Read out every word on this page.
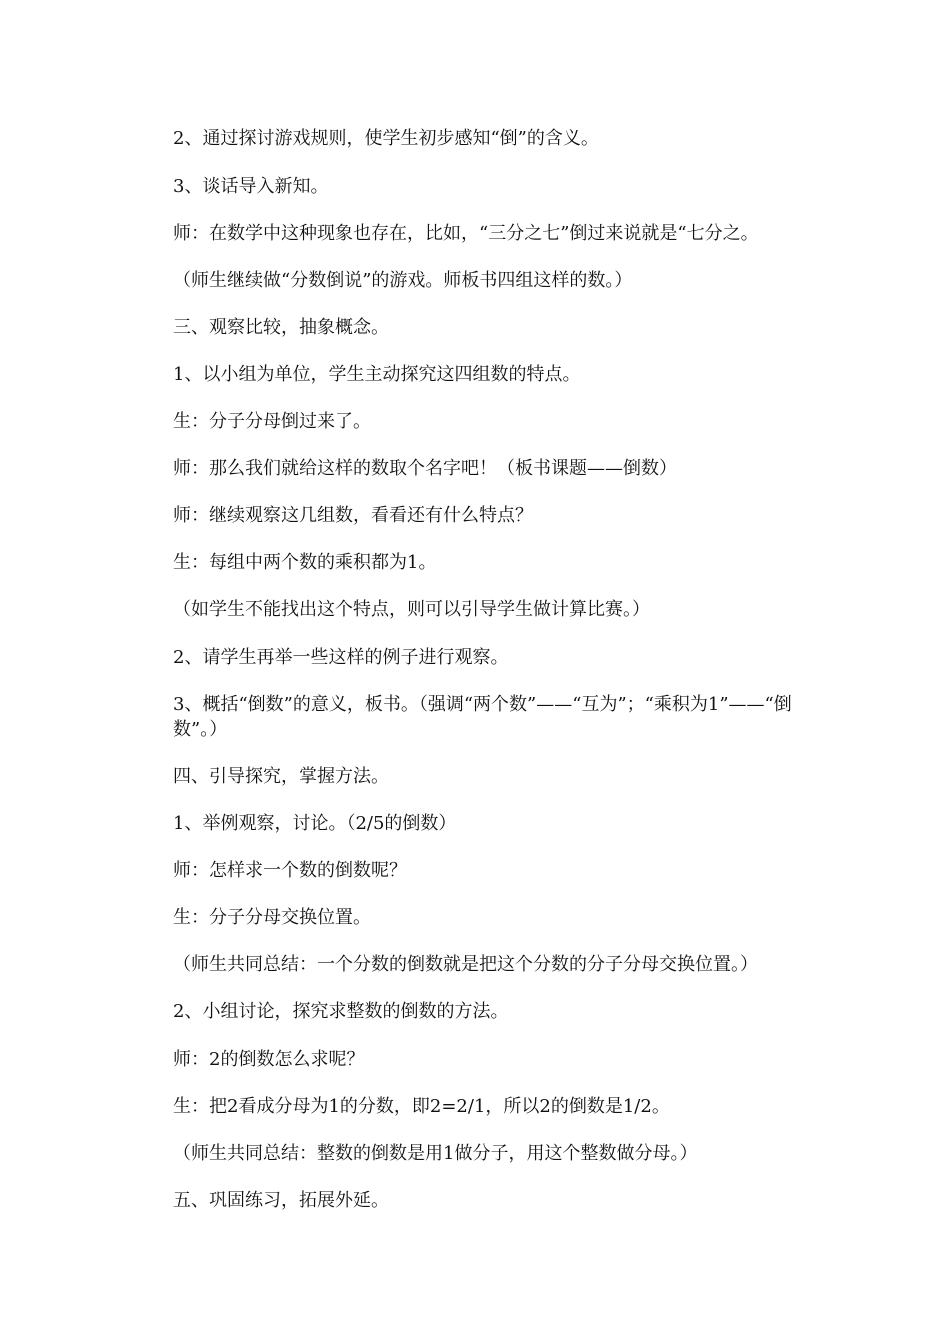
2、通过探讨游戏规则，使学生初步感知“倒”的含义。
3、谈话导入新知。
师：在数学中这种现象也存在，比如，“三分之七”倒过来说就是“七分之。
（师生继续做“分数倒说”的游戏。师板书四组这样的数。）
三、观察比较，抽象概念。
1、以小组为单位，学生主动探究这四组数的特点。
生：分子分母倒过来了。
师：那么我们就给这样的数取个名字吧！（板书课题——倒数）
师：继续观察这几组数，看看还有什么特点？
生：每组中两个数的乘积都为1。
（如学生不能找出这个特点，则可以引导学生做计算比赛。）
2、请学生再举一些这样的例子进行观察。
3、概括“倒数”的意义，板书。（强调“两个数”——“互为”；“乘积为1”——“倒数”。）
四、引导探究，掌握方法。
1、举例观察，讨论。（2/5的倒数）
师：怎样求一个数的倒数呢？
生：分子分母交换位置。
（师生共同总结：一个分数的倒数就是把这个分数的分子分母交换位置。）
2、小组讨论，探究求整数的倒数的方法。
师：2的倒数怎么求呢？
生：把2看成分母为1的分数，即2=2/1，所以2的倒数是1/2。
（师生共同总结：整数的倒数是用1做分子，用这个整数做分母。）
五、巩固练习，拓展外延。
